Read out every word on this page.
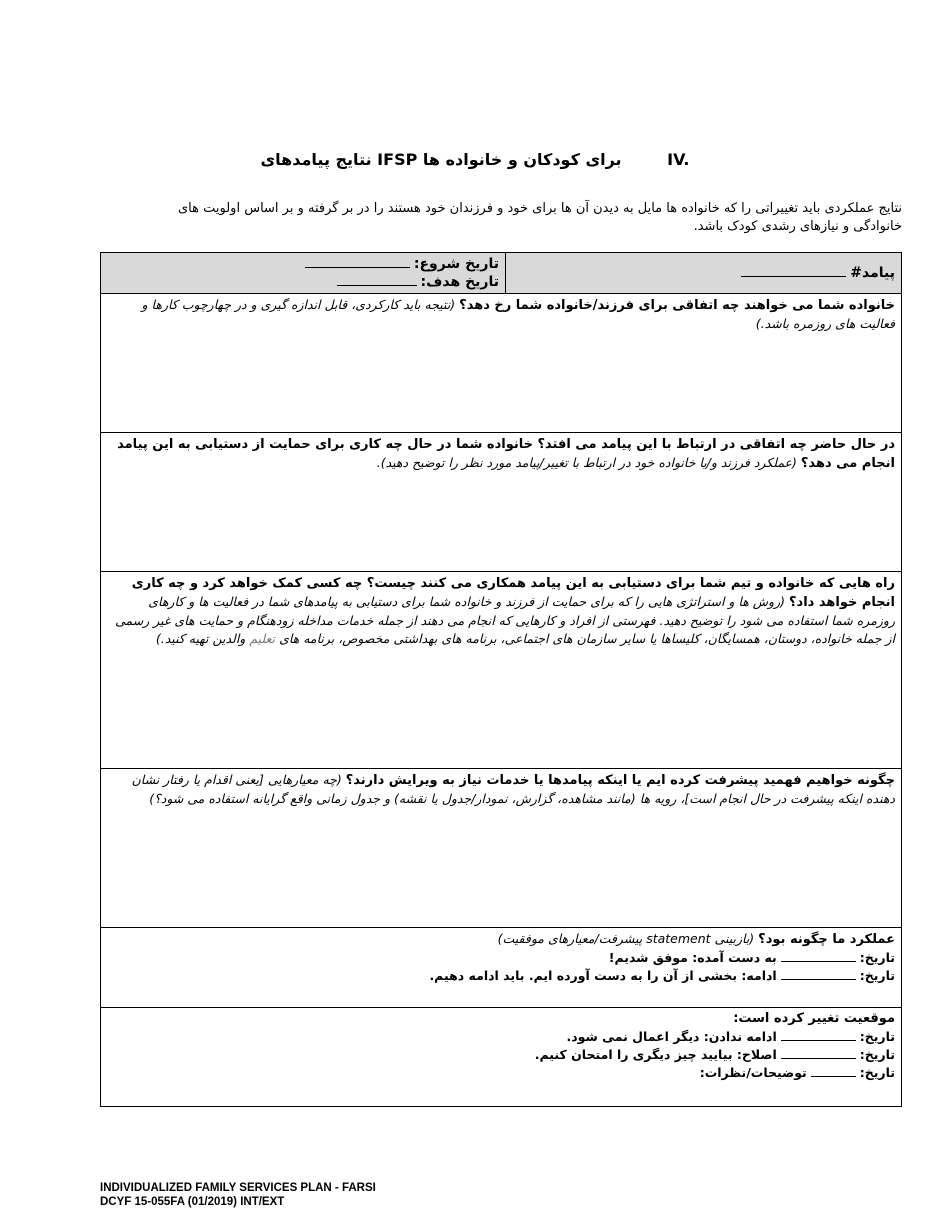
نتایج پیامدهای IFSP برای کودکان و خانواده ها	IV.
نتایج عملکردی باید تغییراتی را که خانواده ها مایل به دیدن آن ها برای خود و فرزندان خود هستند را در بر گرفته و بر اساس اولویت های خانوادگی و نیازهای رشدی کودک باشد.
پیامد#	
تاریخ شروع:
تاریخ هدف:

خانواده شما می خواهند چه اتفاقی برای فرزند/خانواده شما رخ دهد؟ (نتیجه باید کارکردی، قابل اندازه گیری و در چهارچوب کارها و فعالیت های روزمره باشد.)
در حال حاضر چه اتفاقی در ارتباط با این پیامد می افتد؟ خانواده شما در حال چه کاری برای حمایت از دستیابی به این پیامد انجام می دهد؟ (عملکرد فرزند و/یا خانواده خود در ارتباط با تغییر/پیامد مورد نظر را توضیح دهید).
راه هایی که خانواده و تیم شما برای دستیابی به این پیامد همکاری می کنند چیست؟ چه کسی کمک خواهد کرد و چه کاری انجام خواهد داد؟ (روش ها و استراتژی هایی را که برای حمایت از فرزند و خانواده شما برای دستیابی به پیامدهای شما در فعالیت ها و کارهای روزمره شما استفاده می شود را توضیح دهید. فهرستی از افراد و کارهایی که انجام می دهند از جمله خدمات مداخله زودهنگام و حمایت های غیر رسمی از جمله خانواده، دوستان، همسایگان، کلیساها یا سایر سازمان های اجتماعی، برنامه های بهداشتی مخصوص، برنامه های تعلیم والدین تهیه کنید.)
چگونه خواهیم فهمید پیشرفت کرده ایم یا اینکه پیامدها یا خدمات نیاز به ویرایش دارند؟ (چه معیارهایی [یعنی اقدام یا رفتار نشان دهنده اینکه پیشرفت در حال انجام است]، رویه ها (مانند مشاهده، گزارش، نمودار/جدول یا نقشه) و جدول زمانی واقع گرایانه استفاده می شود؟)

عملکرد ما چگونه بود؟ (بازبینی statement پیشرفت/معیارهای موفقیت)
تاریخ:  به دست آمده: موفق شدیم!
تاریخ:  ادامه: بخشی از آن را به دست آورده ایم. باید ادامه دهیم.

موقعیت تغییر کرده است:
تاریخ:  ادامه ندادن: دیگر اعمال نمی شود.
تاریخ:  اصلاح: بیایید چیز دیگری را امتحان کنیم.
تاریخ:  توضیحات/نظرات:
INDIVIDUALIZED FAMILY SERVICES PLAN - FARSI
DCYF 15-055FA (01/2019) INT/EXT
